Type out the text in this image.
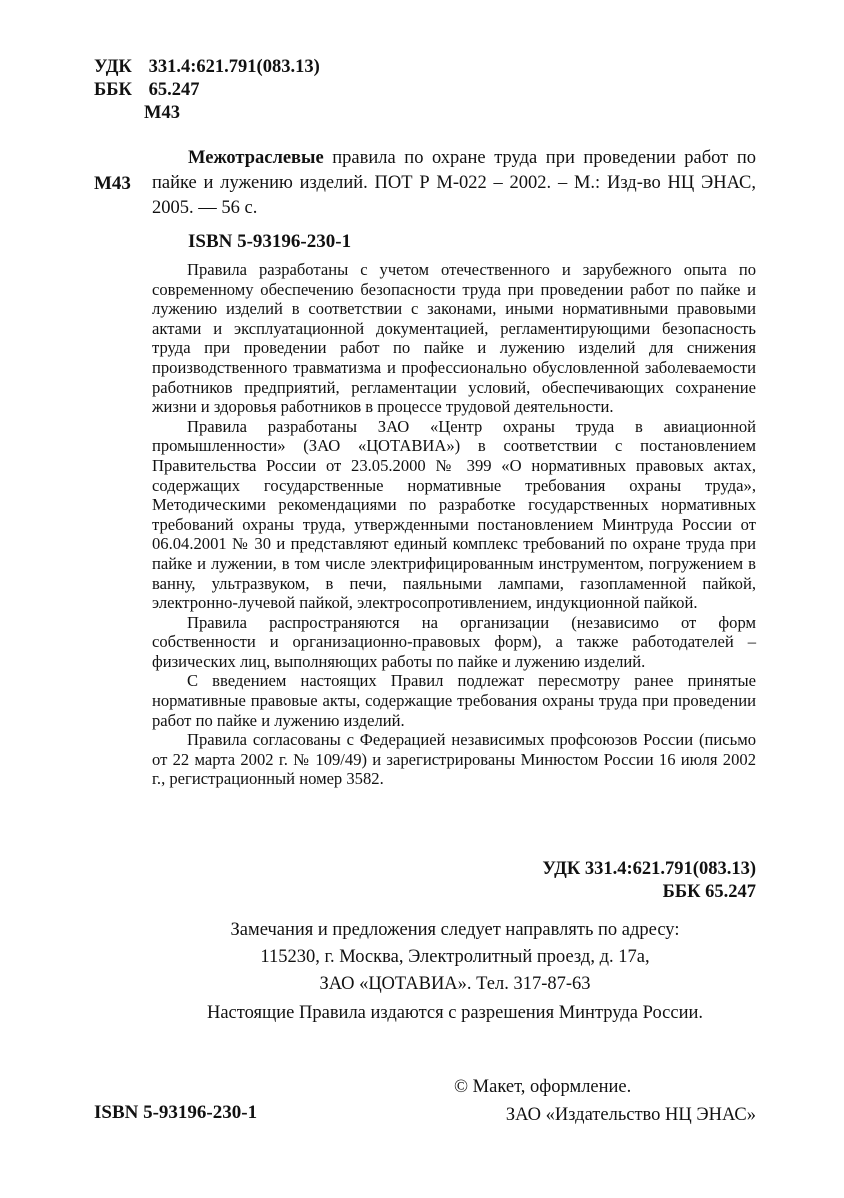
УДК 331.4:621.791(083.13)
ББК 65.247
М43
М43
Межотраслевые правила по охране труда при проведении работ по пайке и лужению изделий. ПОТ Р М-022 – 2002. – М.: Изд-во НЦ ЭНАС, 2005. — 56 с.
ISBN 5-93196-230-1

Правила разработаны с учетом отечественного и зарубежного опыта по современному обеспечению безопасности труда при проведении работ по пайке и лужению изделий в соответствии с законами, иными нормативными правовыми актами и эксплуатационной документацией, регламентирующими безопасность труда при проведении работ по пайке и лужению изделий для снижения производственного травматизма и профессионально обусловленной заболеваемости работников предприятий, регламентации условий, обеспечивающих сохранение жизни и здоровья работников в процессе трудовой деятельности.

Правила разработаны ЗАО «Центр охраны труда в авиационной промышленности» (ЗАО «ЦОТАВИА») в соответствии с постановлением Правительства России от 23.05.2000 № 399 «О нормативных правовых актах, содержащих государственные нормативные требования охраны труда», Методическими рекомендациями по разработке государственных нормативных требований охраны труда, утвержденными постановлением Минтруда России от 06.04.2001 № 30 и представляют единый комплекс требований по охране труда при пайке и лужении, в том числе электрифицированным инструментом, погружением в ванну, ультразвуком, в печи, паяльными лампами, газопламенной пайкой, электронно-лучевой пайкой, электросопротивлением, индукционной пайкой.

Правила распространяются на организации (независимо от форм собственности и организационно-правовых форм), а также работодателей – физических лиц, выполняющих работы по пайке и лужению изделий.

С введением настоящих Правил подлежат пересмотру ранее принятые нормативные правовые акты, содержащие требования охраны труда при проведении работ по пайке и лужению изделий.

Правила согласованы с Федерацией независимых профсоюзов России (письмо от 22 марта 2002 г. № 109/49) и зарегистрированы Минюстом России 16 июля 2002 г., регистрационный номер 3582.

УДК 331.4:621.791(083.13)
ББК 65.247
Замечания и предложения следует направлять по адресу:
115230, г. Москва, Электролитный проезд, д. 17а,
ЗАО «ЦОТАВИА». Тел. 317-87-63
Настоящие Правила издаются с разрешения Минтруда России.
ISBN 5-93196-230-1
© Макет, оформление.
ЗАО «Издательство НЦ ЭНАС»
